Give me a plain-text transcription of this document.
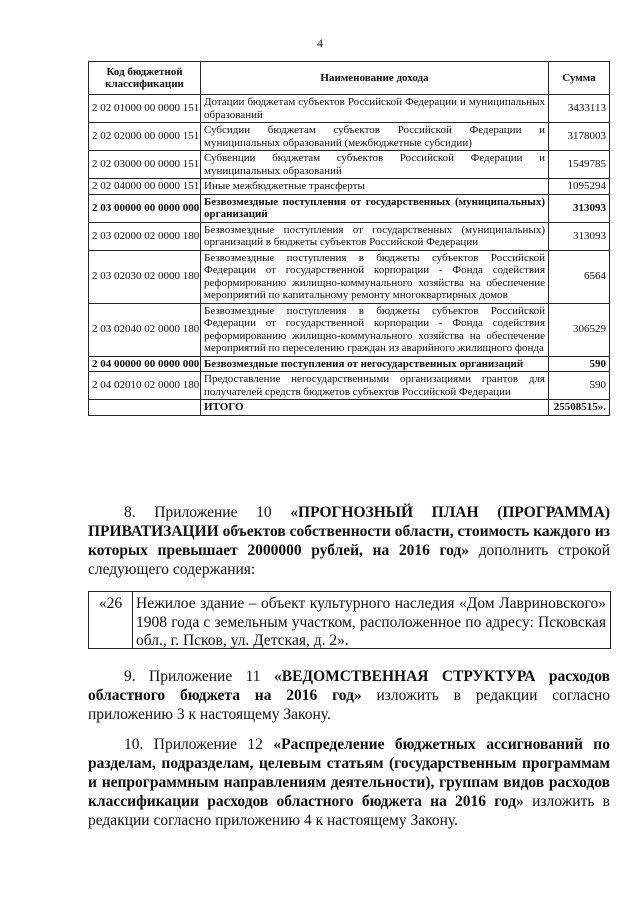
4
Код бюджетной классификации	Наименование дохода	Сумма
2 02 01000 00 0000 151	Дотации бюджетам субъектов Российской Федерации и муниципальных образований	3433113
2 02 02000 00 0000 151	Субсидии бюджетам субъектов Российской Федерации и муниципальных образований (межбюджетные субсидии)	3178003
2 02 03000 00 0000 151	Субвенции бюджетам субъектов Российской Федерации и муниципальных образований	1549785
2 02 04000 00 0000 151	Иные межбюджетные трансферты	1095294
2 03 00000 00 0000 000	Безвозмездные поступления от государственных (муниципальных) организаций	313093
2 03 02000 02 0000 180	Безвозмездные поступления от государственных (муниципальных) организаций в бюджеты субъектов Российской Федерации	313093
2 03 02030 02 0000 180	Безвозмездные поступления в бюджеты субъектов Российской Федерации от государственной корпорации - Фонда содействия реформированию жилищно-коммунального хозяйства на обеспечение мероприятий по капитальному ремонту многоквартирных домов	6564
2 03 02040 02 0000 180	Безвозмездные поступления в бюджеты субъектов Российской Федерации от государственной корпорации - Фонда содействия реформированию жилищно-коммунального хозяйства на обеспечение мероприятий по переселению граждан из аварийного жилищного фонда	306529
2 04 00000 00 0000 000	Безвозмездные поступления от негосударственных организаций	590
2 04 02010 02 0000 180	Предоставление негосударственными организациями грантов для получателей средств бюджетов субъектов Российской Федерации	590
	ИТОГО	25508515».
8. Приложение 10 «ПРОГНОЗНЫЙ ПЛАН (ПРОГРАММА) ПРИВАТИЗАЦИИ объектов собственности области, стоимость каждого из которых превышает 2000000 рублей, на 2016 год» дополнить строкой следующего содержания:
«26 Нежилое здание – объект культурного наследия «Дом Лавриновского» 1908 года с земельным участком, расположенное по адресу: Псковская обл., г. Псков, ул. Детская, д. 2».
9. Приложение 11 «ВЕДОМСТВЕННАЯ СТРУКТУРА расходов областного бюджета на 2016 год» изложить в редакции согласно приложению 3 к настоящему Закону.
10. Приложение 12 «Распределение бюджетных ассигнований по разделам, подразделам, целевым статьям (государственным программам и непрограммным направлениям деятельности), группам видов расходов классификации расходов областного бюджета на 2016 год» изложить в редакции согласно приложению 4 к настоящему Закону.
